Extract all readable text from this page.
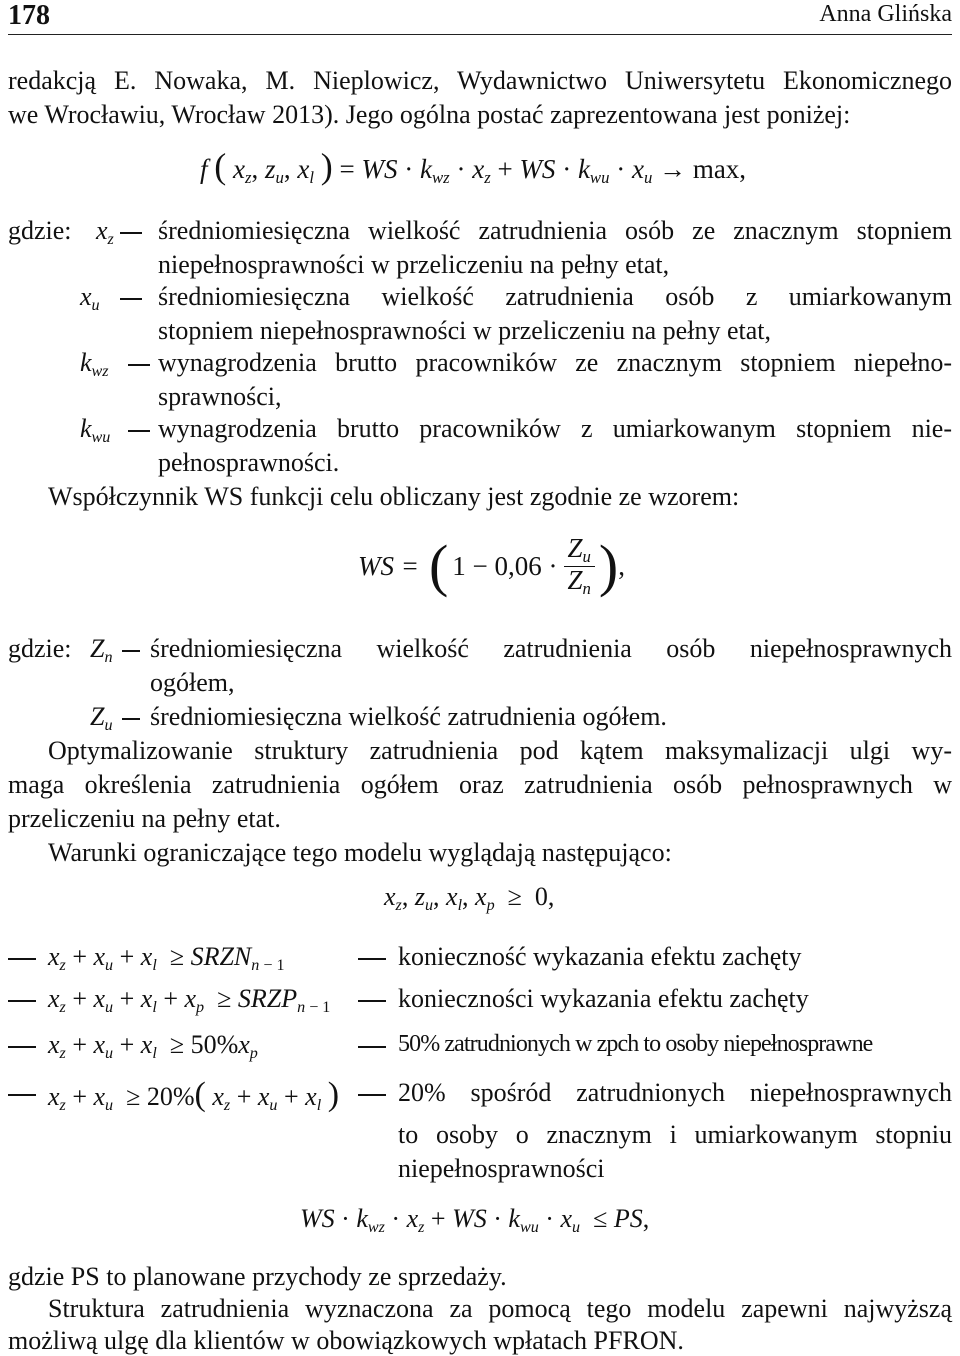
178	Anna Glińska
redakcją E. Nowaka, M. Nieplowicz, Wydawnictwo Uniwersytetu Ekonomicznego
we Wrocławiu, Wrocław 2013). Jego ogólna postać zaprezentowana jest poniżej:
f ( $x_z$, $z_u$, $x_l$ ) = WS · $k_{wz} \cdot x_z$ + WS · $k_{wu} \cdot x_u \to \max$,
gdzie: $x_z$ średniomiesięczna wielkość zatrudnienia osób ze znacznym stopniem
niepełnosprawności w przeliczeniu na pełny etat,
$x_u$ średniomiesięczna wielkość zatrudnienia osób z umiarkowanym
stopniem niepełnosprawności w przeliczeniu na pełny etat,
$k_{wz}$ wynagrodzenia brutto pracowników ze znacznym stopniem niepełno-
sprawności,
$k_{wu}$ wynagrodzenia brutto pracowników z umiarkowanym stopniem nie-
pełnosprawności.
Współczynnik WS funkcji celu obliczany jest zgodnie ze wzorem:
WS = ( $1 - 0,06 \cdot \frac{Z_u}{Z_n}$ ) ,
gdzie: $Z_n$ średniomiesięczna wielkość zatrudnienia osób niepełnosprawnych
ogółem,
$Z_u$ średniomiesięczna wielkość zatrudnienia ogółem.
Optymalizowanie struktury zatrudnienia pod kątem maksymalizacji ulgi wy-
maga określenia zatrudnienia ogółem oraz zatrudnienia osób pełnosprawnych w
przeliczeniu na pełny etat.
Warunki ograniczające tego modelu wyglądają następująco:
$x_z$, $z_u$, $x_l$, $x_p \ge 0$,
$x_z + x_u + x_l$  ≥ $SRZN_{n - 1}$	konieczność wykazania efektu zachęty
$x_z + x_u + x_l + x_p$  ≥ $SRZP_{n - 1}$	konieczności wykazania efektu zachęty
$x_z + x_u + x_l \ge 50\%x_p$	50% zatrudnionych w zpch to osoby niepełnosprawne
$x_z + x_u \ge 20\%$( $x_z + x_u + x_l$ ) 20% spośród zatrudnionych niepełnosprawnych
to osoby o znacznym i umiarkowanym stopniu
niepełnosprawności
WS · $k_{wz} \cdot x_z$ + WS · $k_{wu} \cdot x_u$  ≤ PS,
gdzie PS to planowane przychody ze sprzedaży.
Struktura zatrudnienia wyznaczona za pomocą tego modelu zapewni najwyższą
możliwą ulgę dla klientów w obowiązkowych wpłatach PFRON.
